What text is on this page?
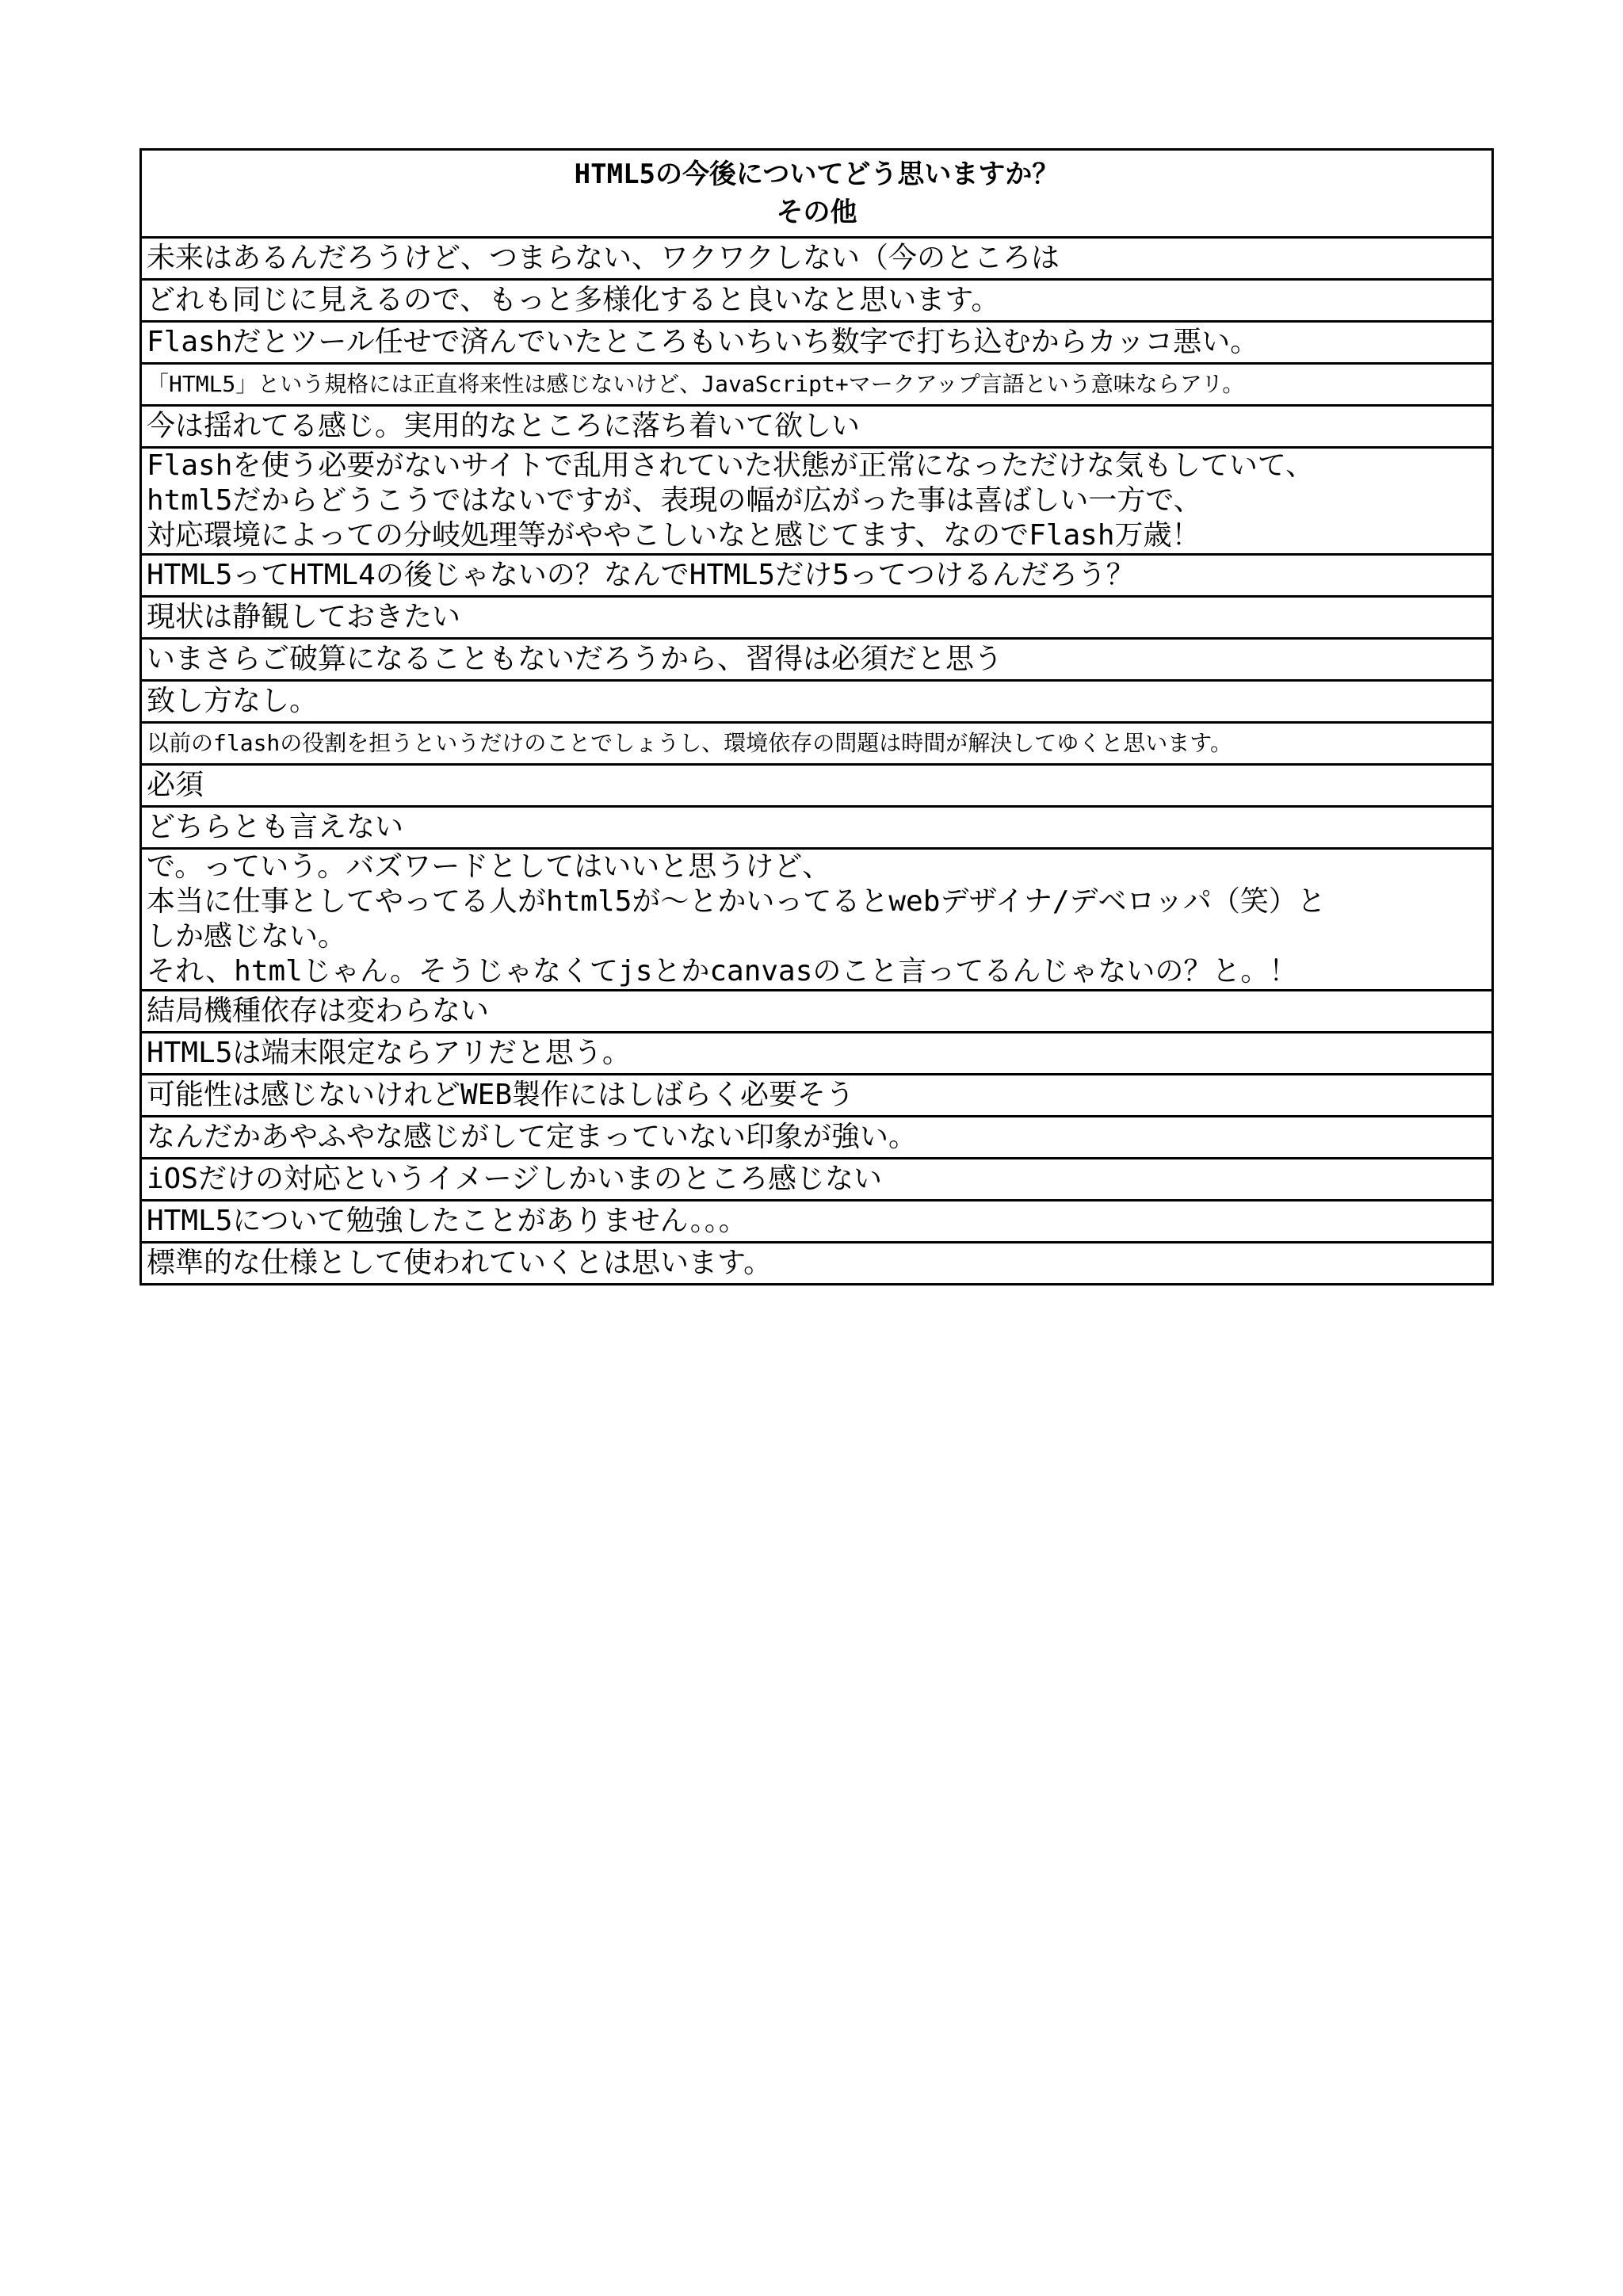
HTML5の今後についてどう思いますか？
その他

未来はあるんだろうけど、つまらない、ワクワクしない（今のところは
どれも同じに見えるので、もっと多様化すると良いなと思います。
Flashだとツール任せで済んでいたところもいちいち数字で打ち込むからカッコ悪い。
「HTML5」という規格には正直将来性は感じないけど、JavaScript+マークアップ言語という意味ならアリ。
今は揺れてる感じ。実用的なところに落ち着いて欲しい

Flashを使う必要がないサイトで乱用されていた状態が正常になっただけな気もしていて、
html5だからどうこうではないですが、表現の幅が広がった事は喜ばしい一方で、
対応環境によっての分岐処理等がややこしいなと感じてます、なのでFlash万歳！

HTML5ってHTML4の後じゃないの？なんでHTML5だけ5ってつけるんだろう？
現状は静観しておきたい
いまさらご破算になることもないだろうから、習得は必須だと思う
致し方なし。
以前のflashの役割を担うというだけのことでしょうし、環境依存の問題は時間が解決してゆくと思います。
必須
どちらとも言えない

で。っていう。バズワードとしてはいいと思うけど、
本当に仕事としてやってる人がhtml5が～とかいってるとwebデザイナ/デベロッパ（笑）と
しか感じない。
それ、htmlじゃん。そうじゃなくてjsとかcanvasのこと言ってるんじゃないの？と。！

結局機種依存は変わらない
HTML5は端末限定ならアリだと思う。
可能性は感じないけれどWEB製作にはしばらく必要そう
なんだかあやふやな感じがして定まっていない印象が強い。
iOSだけの対応というイメージしかいまのところ感じない
HTML5について勉強したことがありません。。。
標準的な仕様として使われていくとは思います。
